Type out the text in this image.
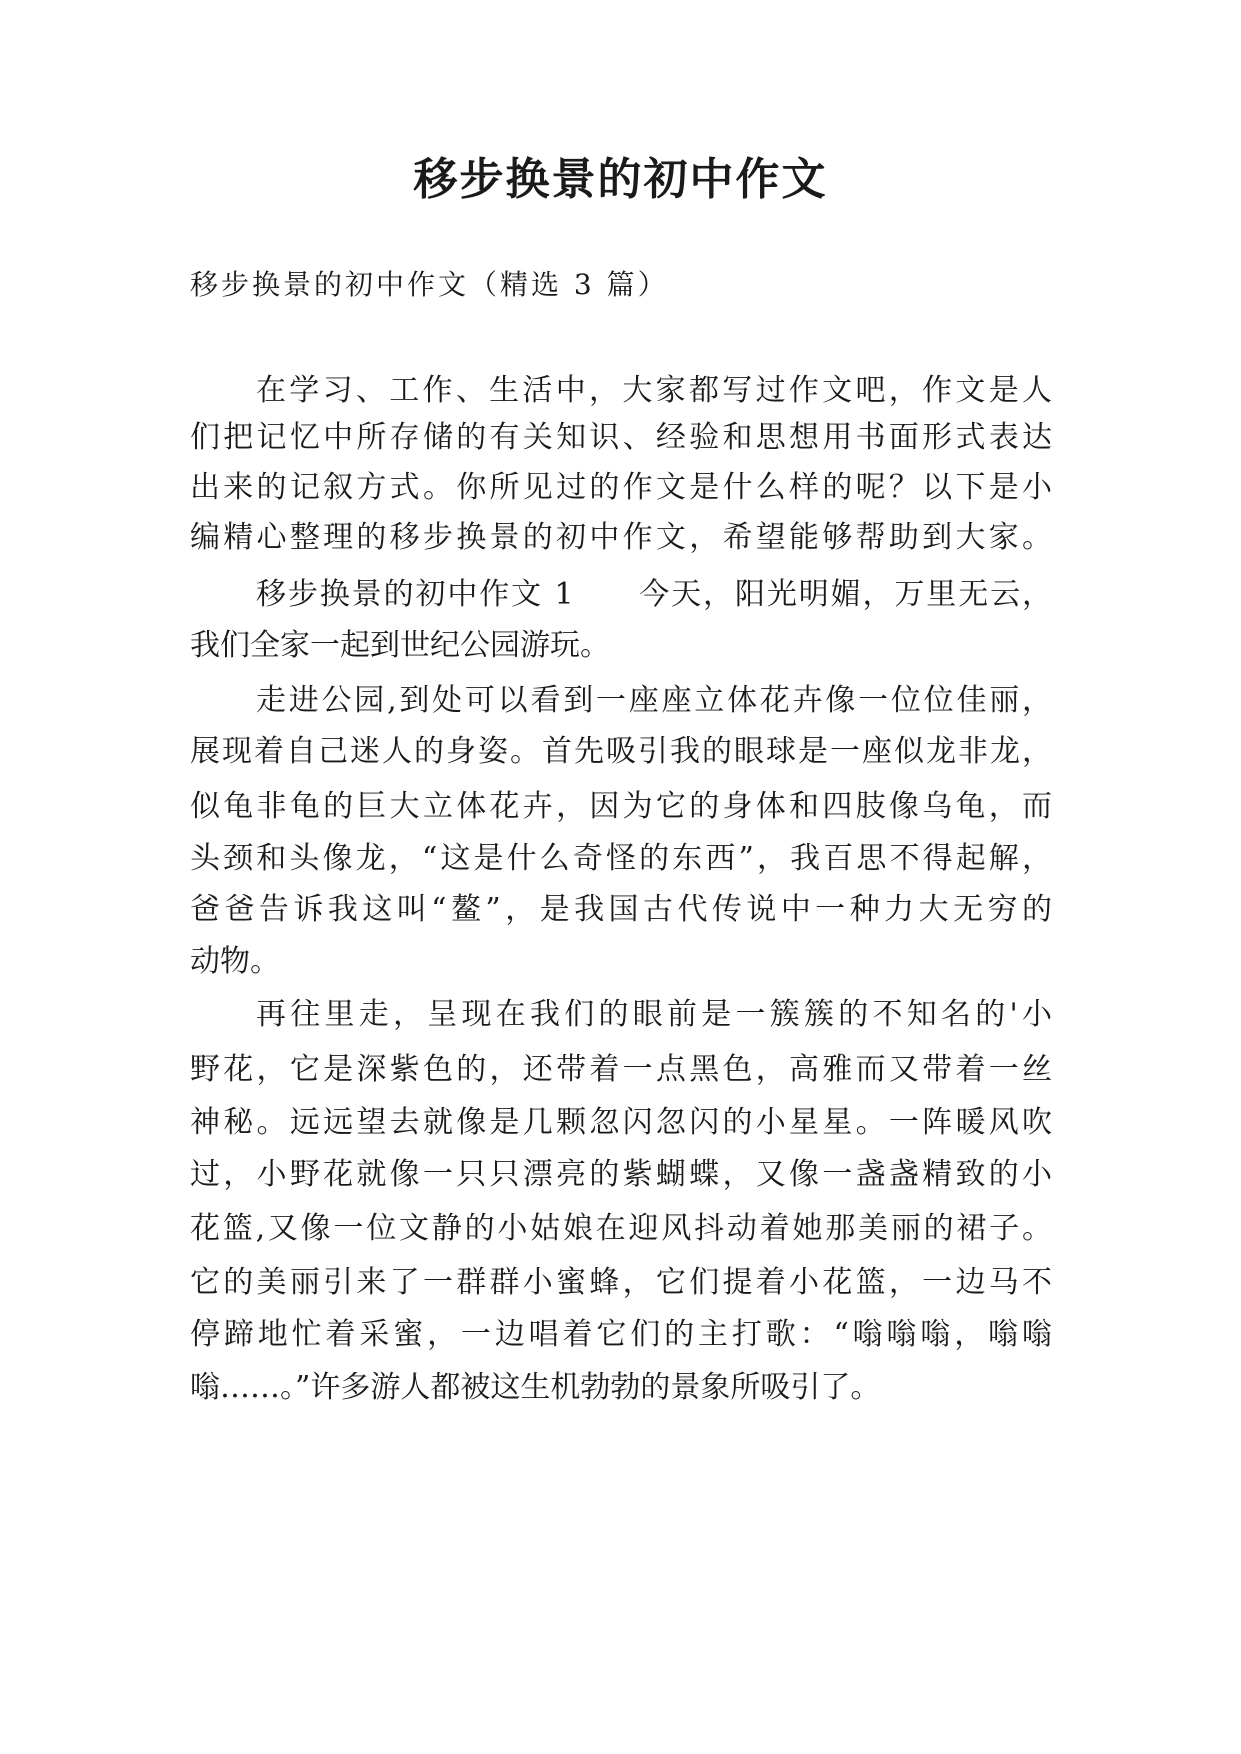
移步换景的初中作文

移步换景的初中作文（精选 3 篇）

在学习、工作、生活中，大家都写过作文吧，作文是人

们把记忆中所存储的有关知识、经验和思想用书面形式表达

出来的记叙方式。你所见过的作文是什么样的呢？以下是小

编精心整理的移步换景的初中作文，希望能够帮助到大家。

移步换景的初中作文 1　　今天，阳光明媚，万里无云，

我们全家一起到世纪公园游玩。

走进公园,到处可以看到一座座立体花卉像一位位佳丽，

展现着自己迷人的身姿。首先吸引我的眼球是一座似龙非龙，

似龟非龟的巨大立体花卉，因为它的身体和四肢像乌龟，而

头颈和头像龙，“这是什么奇怪的东西”，我百思不得起解，

爸爸告诉我这叫“鳌”，是我国古代传说中一种力大无穷的

动物。

再往里走，呈现在我们的眼前是一簇簇的不知名的'小

野花，它是深紫色的，还带着一点黑色，高雅而又带着一丝

神秘。远远望去就像是几颗忽闪忽闪的小星星。一阵暖风吹

过，小野花就像一只只漂亮的紫蝴蝶，又像一盏盏精致的小

花篮,又像一位文静的小姑娘在迎风抖动着她那美丽的裙子。

它的美丽引来了一群群小蜜蜂，它们提着小花篮，一边马不

停蹄地忙着采蜜，一边唱着它们的主打歌：“嗡嗡嗡，嗡嗡

嗡……。”许多游人都被这生机勃勃的景象所吸引了。
